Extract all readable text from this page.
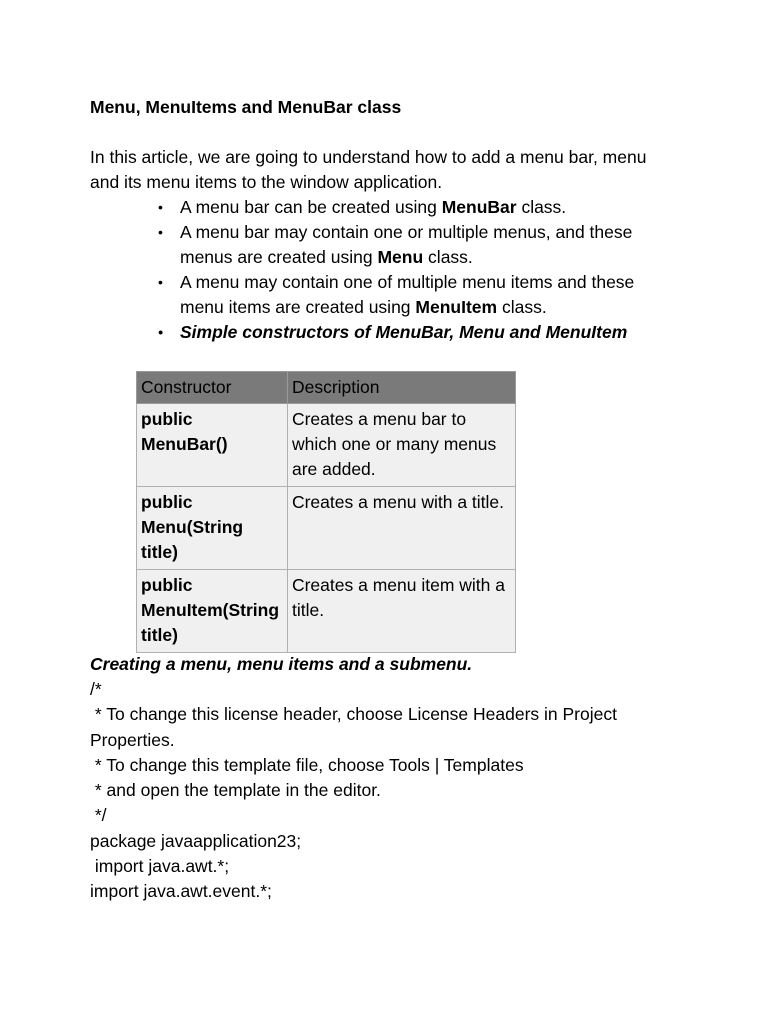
Menu, MenuItems and MenuBar class

In this article, we are going to understand how to add a menu bar, menu and its menu items to the window application.

• A menu bar can be created using MenuBar class.
• A menu bar may contain one or multiple menus, and these menus are created using Menu class.
• A menu may contain one of multiple menu items and these menu items are created using MenuItem class.
• Simple constructors of MenuBar, Menu and MenuItem
Constructor	Description
public MenuBar()	Creates a menu bar to which one or many menus are added.
public Menu(String title)	Creates a menu with a title.
public MenuItem(String title)	Creates a menu item with a title.
Creating a menu, menu items and a submenu.
/*
* To change this license header, choose License Headers in Project Properties.
* To change this template file, choose Tools | Templates
* and open the template in the editor.
*/
package javaapplication23;
import java.awt.*;
import java.awt.event.*;
